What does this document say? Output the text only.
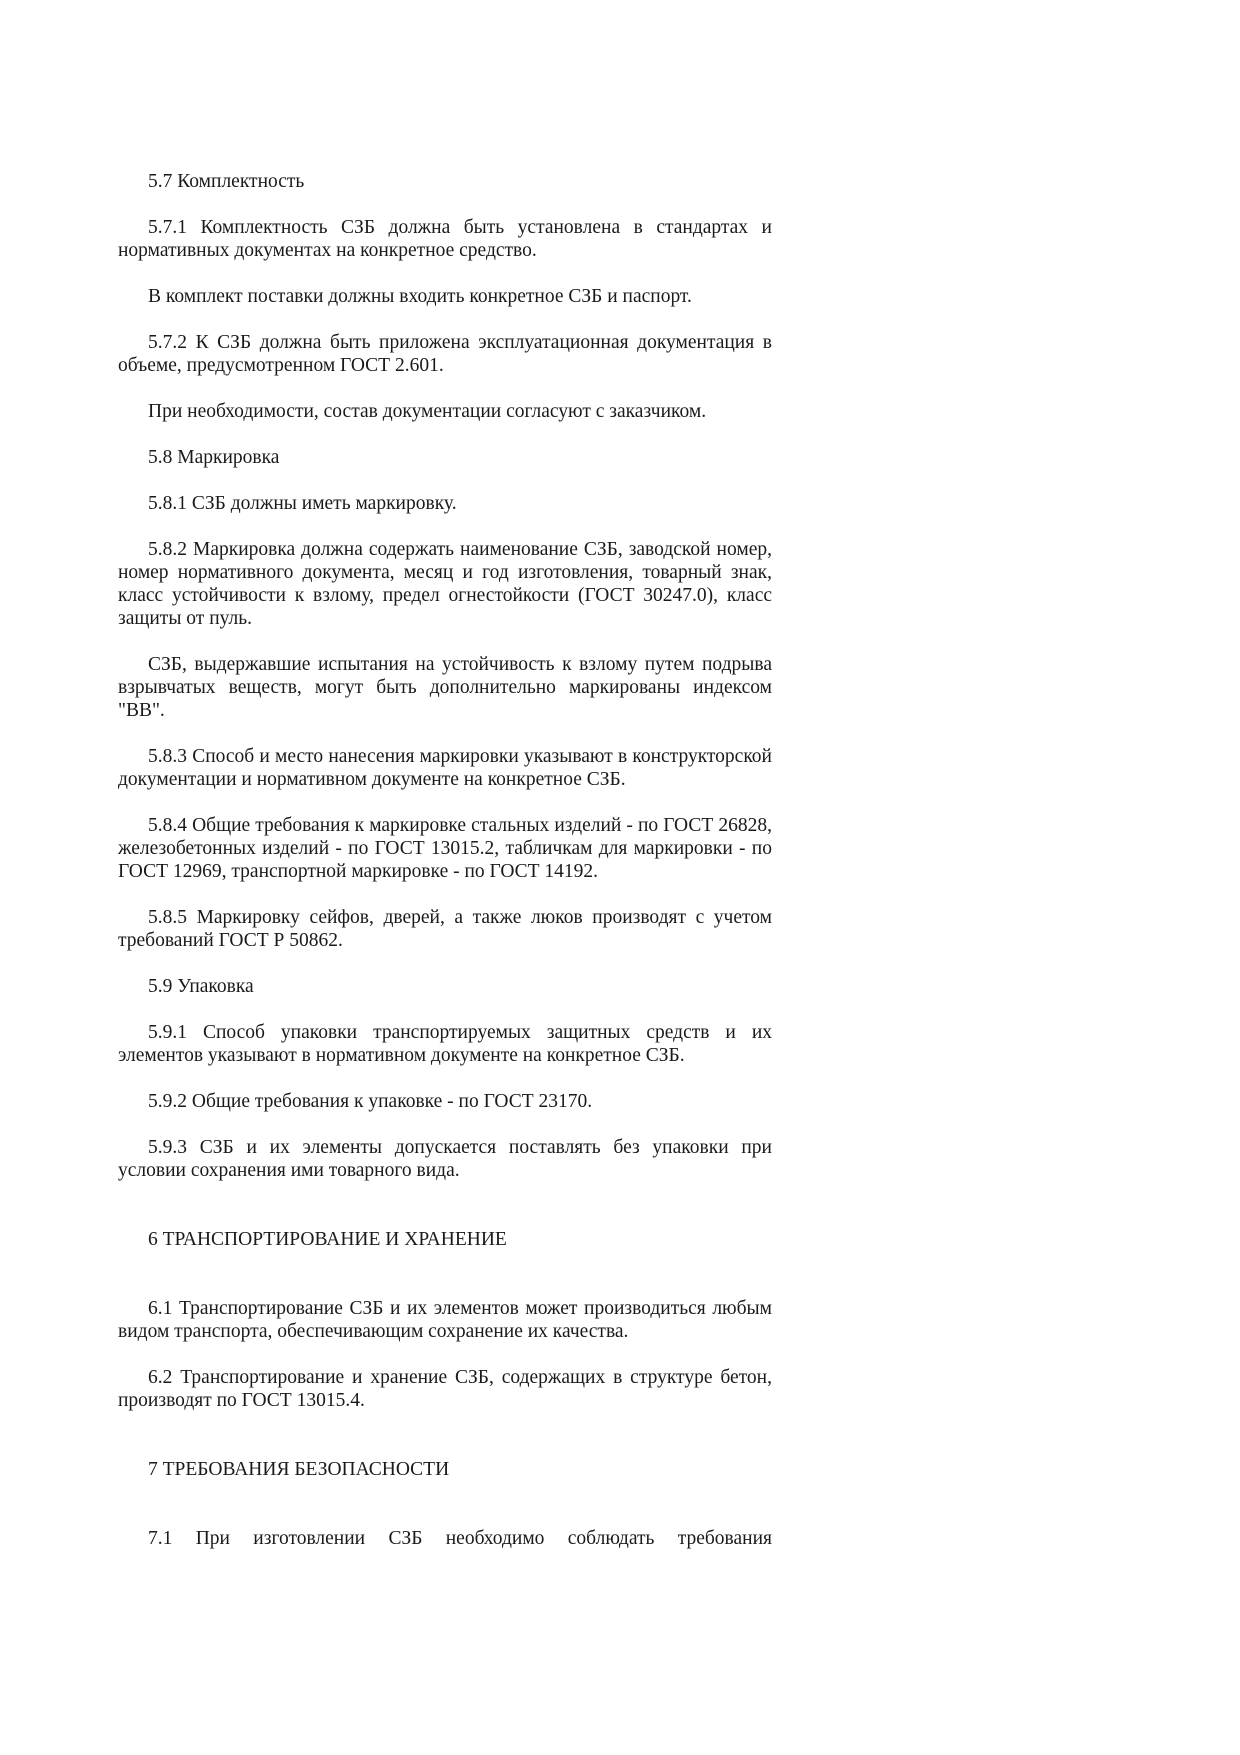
5.7 Комплектность

5.7.1 Комплектность СЗБ должна быть установлена в стандартах и нормативных документах на конкретное средство.

В комплект поставки должны входить конкретное СЗБ и паспорт.

5.7.2 К СЗБ должна быть приложена эксплуатационная документация в объеме, предусмотренном ГОСТ 2.601.

При необходимости, состав документации согласуют с заказчиком.

5.8 Маркировка

5.8.1 СЗБ должны иметь маркировку.

5.8.2 Маркировка должна содержать наименование СЗБ, заводской номер, номер нормативного документа, месяц и год изготовления, товарный знак, класс устойчивости к взлому, предел огнестойкости (ГОСТ 30247.0), класс защиты от пуль.

СЗБ, выдержавшие испытания на устойчивость к взлому путем подрыва взрывчатых веществ, могут быть дополнительно маркированы индексом "ВВ".

5.8.3 Способ и место нанесения маркировки указывают в конструкторской документации и нормативном документе на конкретное СЗБ.

5.8.4 Общие требования к маркировке стальных изделий - по ГОСТ 26828, железобетонных изделий - по ГОСТ 13015.2, табличкам для маркировки - по ГОСТ 12969, транспортной маркировке - по ГОСТ 14192.

5.8.5 Маркировку сейфов, дверей, а также люков производят с учетом требований ГОСТ Р 50862.

5.9 Упаковка

5.9.1 Способ упаковки транспортируемых защитных средств и их элементов указывают в нормативном документе на конкретное СЗБ.

5.9.2 Общие требования к упаковке - по ГОСТ 23170.

5.9.3 СЗБ и их элементы допускается поставлять без упаковки при условии сохранения ими товарного вида.

6 ТРАНСПОРТИРОВАНИЕ И ХРАНЕНИЕ

6.1 Транспортирование СЗБ и их элементов может производиться любым видом транспорта, обеспечивающим сохранение их качества.

6.2 Транспортирование и хранение СЗБ, содержащих в структуре бетон, производят по ГОСТ 13015.4.

7 ТРЕБОВАНИЯ БЕЗОПАСНОСТИ

7.1 При изготовлении СЗБ необходимо соблюдать требования
